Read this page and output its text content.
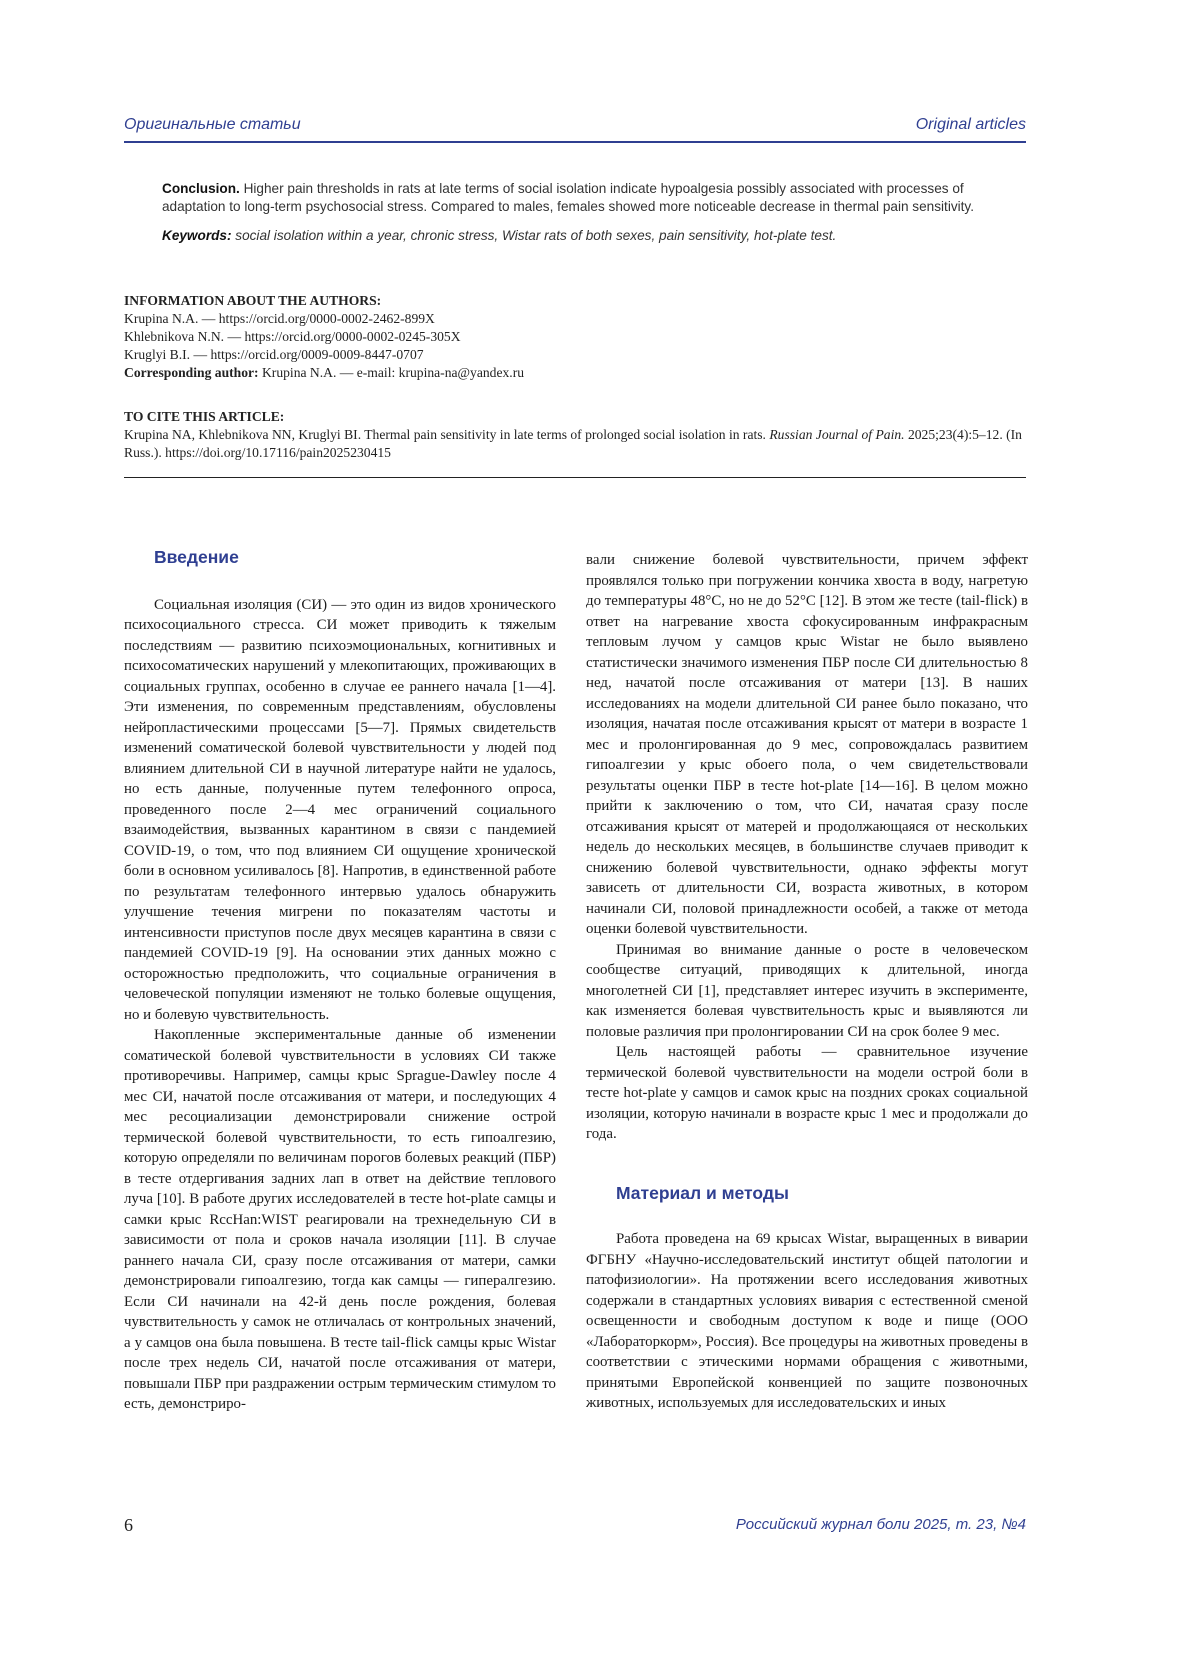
Оригинальные статьи	Original articles

Conclusion. Higher pain thresholds in rats at late terms of social isolation indicate hypoalgesia possibly associated with processes of adaptation to long-term psychosocial stress. Compared to males, females showed more noticeable decrease in thermal pain sensitivity.

Keywords: social isolation within a year, chronic stress, Wistar rats of both sexes, pain sensitivity, hot-plate test.

INFORMATION ABOUT THE AUTHORS:
Krupina N.A. — https://orcid.org/0000-0002-2462-899X
Khlebnikova N.N. — https://orcid.org/0000-0002-0245-305X
Kruglyi B.I. — https://orcid.org/0009-0009-8447-0707
Corresponding author: Krupina N.A. — e-mail: krupina-na@yandex.ru
TO CITE THIS ARTICLE:
Krupina NA, Khlebnikova NN, Kruglyi BI. Thermal pain sensitivity in late terms of prolonged social isolation in rats. Russian Journal of Pain. 2025;23(4):5–12. (In Russ.). https://doi.org/10.17116/pain2025230415
Введение

Социальная изоляция (СИ) — это один из видов хронического психосоциального стресса. СИ может приводить к тяжелым последствиям — развитию психоэмоциональных, когнитивных и психосоматических нарушений у млекопитающих, проживающих в социальных группах, особенно в случае ее раннего начала [1—4]. Эти изменения, по современным представлениям, обусловлены нейропластическими процессами [5—7]. Прямых свидетельств изменений соматической болевой чувствительности у людей под влиянием длительной СИ в научной литературе найти не удалось, но есть данные, полученные путем телефонного опроса, проведенного после 2—4 мес ограничений социального взаимодействия, вызванных карантином в связи с пандемией COVID-19, о том, что под влиянием СИ ощущение хронической боли в основном усиливалось [8]. Напротив, в единственной работе по результатам телефонного интервью удалось обнаружить улучшение течения мигрени по показателям частоты и интенсивности приступов после двух месяцев карантина в связи с пандемией COVID-19 [9]. На основании этих данных можно с осторожностью предположить, что социальные ограничения в человеческой популяции изменяют не только болевые ощущения, но и болевую чувствительность.

Накопленные экспериментальные данные об изменении соматической болевой чувствительности в условиях СИ также противоречивы. Например, самцы крыс Sprague-Dawley после 4 мес СИ, начатой после отсаживания от матери, и последующих 4 мес ресоциализации демонстрировали снижение острой термической болевой чувствительности, то есть гипоалгезию, которую определяли по величинам порогов болевых реакций (ПБР) в тесте отдергивания задних лап в ответ на действие теплового луча [10]. В работе других исследователей в тесте hot-plate самцы и самки крыс RccHan:WIST реагировали на трехнедельную СИ в зависимости от пола и сроков начала изоляции [11]. В случае раннего начала СИ, сразу после отсаживания от матери, самки демонстрировали гипоалгезию, тогда как самцы — гипералгезию. Если СИ начинали на 42-й день после рождения, болевая чувствительность у самок не отличалась от контрольных значений, а у самцов она была повышена. В тесте tail-flick самцы крыс Wistar после трех недель СИ, начатой после отсаживания от матери, повышали ПБР при раздражении острым термическим стимулом то есть, демонстриро-

вали снижение болевой чувствительности, причем эффект проявлялся только при погружении кончика хвоста в воду, нагретую до температуры 48°С, но не до 52°С [12]. В этом же тесте (tail-flick) в ответ на нагревание хвоста сфокусированным инфракрасным тепловым лучом у самцов крыс Wistar не было выявлено статистически значимого изменения ПБР после СИ длительностью 8 нед, начатой после отсаживания от матери [13]. В наших исследованиях на модели длительной СИ ранее было показано, что изоляция, начатая после отсаживания крысят от матери в возрасте 1 мес и пролонгированная до 9 мес, сопровождалась развитием гипоалгезии у крыс обоего пола, о чем свидетельствовали результаты оценки ПБР в тесте hot-plate [14—16]. В целом можно прийти к заключению о том, что СИ, начатая сразу после отсаживания крысят от матерей и продолжающаяся от нескольких недель до нескольких месяцев, в большинстве случаев приводит к снижению болевой чувствительности, однако эффекты могут зависеть от длительности СИ, возраста животных, в котором начинали СИ, половой принадлежности особей, а также от метода оценки болевой чувствительности.

Принимая во внимание данные о росте в человеческом сообществе ситуаций, приводящих к длительной, иногда многолетней СИ [1], представляет интерес изучить в эксперименте, как изменяется болевая чувствительность крыс и выявляются ли половые различия при пролонгировании СИ на срок более 9 мес.

Цель настоящей работы — сравнительное изучение термической болевой чувствительности на модели острой боли в тесте hot-plate у самцов и самок крыс на поздних сроках социальной изоляции, которую начинали в возрасте крыс 1 мес и продолжали до года.

Материал и методы

Работа проведена на 69 крысах Wistar, выращенных в виварии ФГБНУ «Научно-исследовательский институт общей патологии и патофизиологии». На протяжении всего исследования животных содержали в стандартных условиях вивария с естественной сменой освещенности и свободным доступом к воде и пище (ООО «Лабораторкорм», Россия). Все процедуры на животных проведены в соответствии с этическими нормами обращения с животными, принятыми Европейской конвенцией по защите позвоночных животных, используемых для исследовательских и иных

6	Российский журнал боли 2025, т. 23, №4
